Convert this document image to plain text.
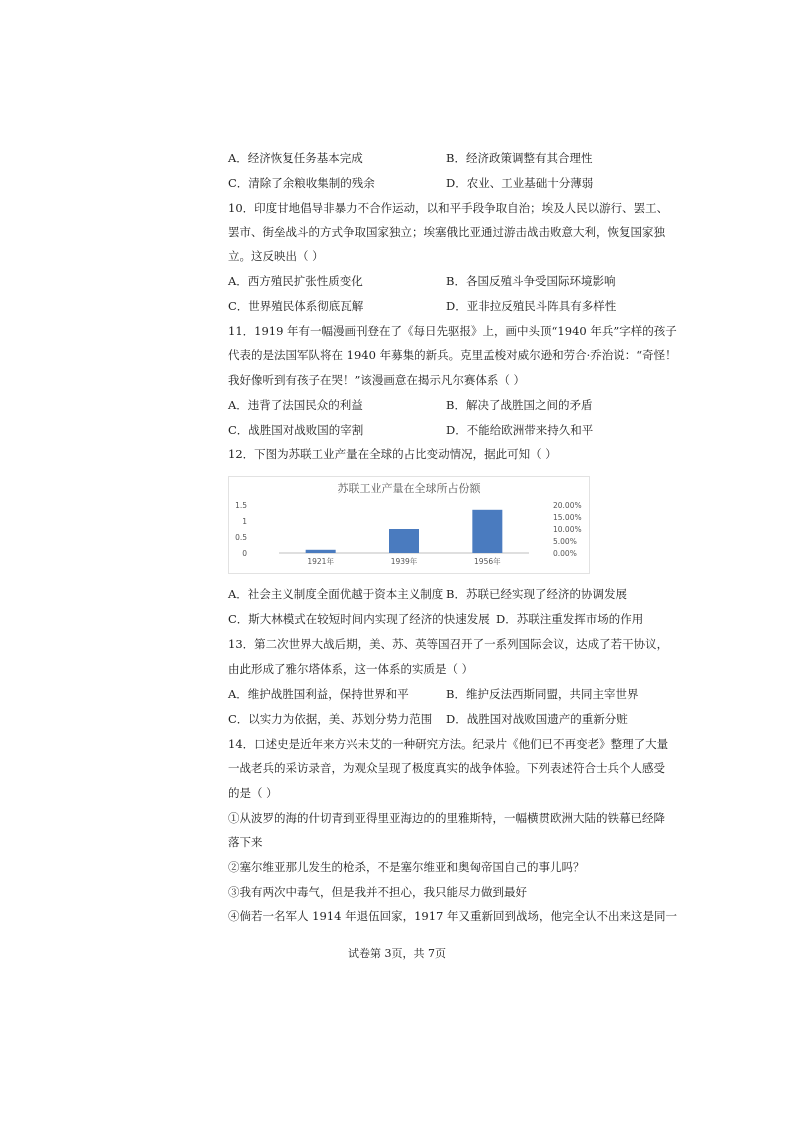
A．经济恢复任务基本完成	B．经济政策调整有其合理性
C．清除了余粮收集制的残余	D．农业、工业基础十分薄弱
10．印度甘地倡导非暴力不合作运动，以和平手段争取自治；埃及人民以游行、罢工、
罢市、街垒战斗的方式争取国家独立；埃塞俄比亚通过游击战击败意大利，恢复国家独
立。这反映出（ ）
A．西方殖民扩张性质变化	B．各国反殖斗争受国际环境影响
C．世界殖民体系彻底瓦解	D．亚非拉反殖民斗阵具有多样性
11．1919 年有一幅漫画刊登在了《每日先驱报》上，画中头顶“1940 年兵”字样的孩子
代表的是法国军队将在 1940 年募集的新兵。克里孟梭对威尔逊和劳合·乔治说：“奇怪！
我好像听到有孩子在哭！”该漫画意在揭示凡尔赛体系（ ）
A．违背了法国民众的利益	B．解决了战胜国之间的矛盾
C．战胜国对战败国的宰割	D．不能给欧洲带来持久和平
12．下图为苏联工业产量在全球的占比变动情况，据此可知（ ）
苏联工业产量在全球所占份额
0
0.5
1
1.5
0.00%
5.00%
10.00%
15.00%
20.00%
1921年	1939年	1956年
A．社会主义制度全面优越于资本主义制度 B．苏联已经实现了经济的协调发展
C．斯大林模式在较短时间内实现了经济的快速发展 D．苏联注重发挥市场的作用
13．第二次世界大战后期，美、苏、英等国召开了一系列国际会议，达成了若干协议，
由此形成了雅尔塔体系，这一体系的实质是（ ）
A．维护战胜国利益，保持世界和平	B．维护反法西斯同盟，共同主宰世界
C．以实力为依据，美、苏划分势力范围 D．战胜国对战败国遗产的重新分赃
14．口述史是近年来方兴未艾的一种研究方法。纪录片《他们已不再变老》整理了大量
一战老兵的采访录音，为观众呈现了极度真实的战争体验。下列表述符合士兵个人感受
的是（ ）
①从波罗的海的什切青到亚得里亚海边的的里雅斯特，一幅横贯欧洲大陆的铁幕已经降
落下来
②塞尔维亚那儿发生的枪杀，不是塞尔维亚和奥匈帝国自己的事儿吗？
③我有两次中毒气，但是我并不担心，我只能尽力做到最好
④倘若一名军人 1914 年退伍回家，1917 年又重新回到战场，他完全认不出来这是同一
试卷第 3页，共 7页
